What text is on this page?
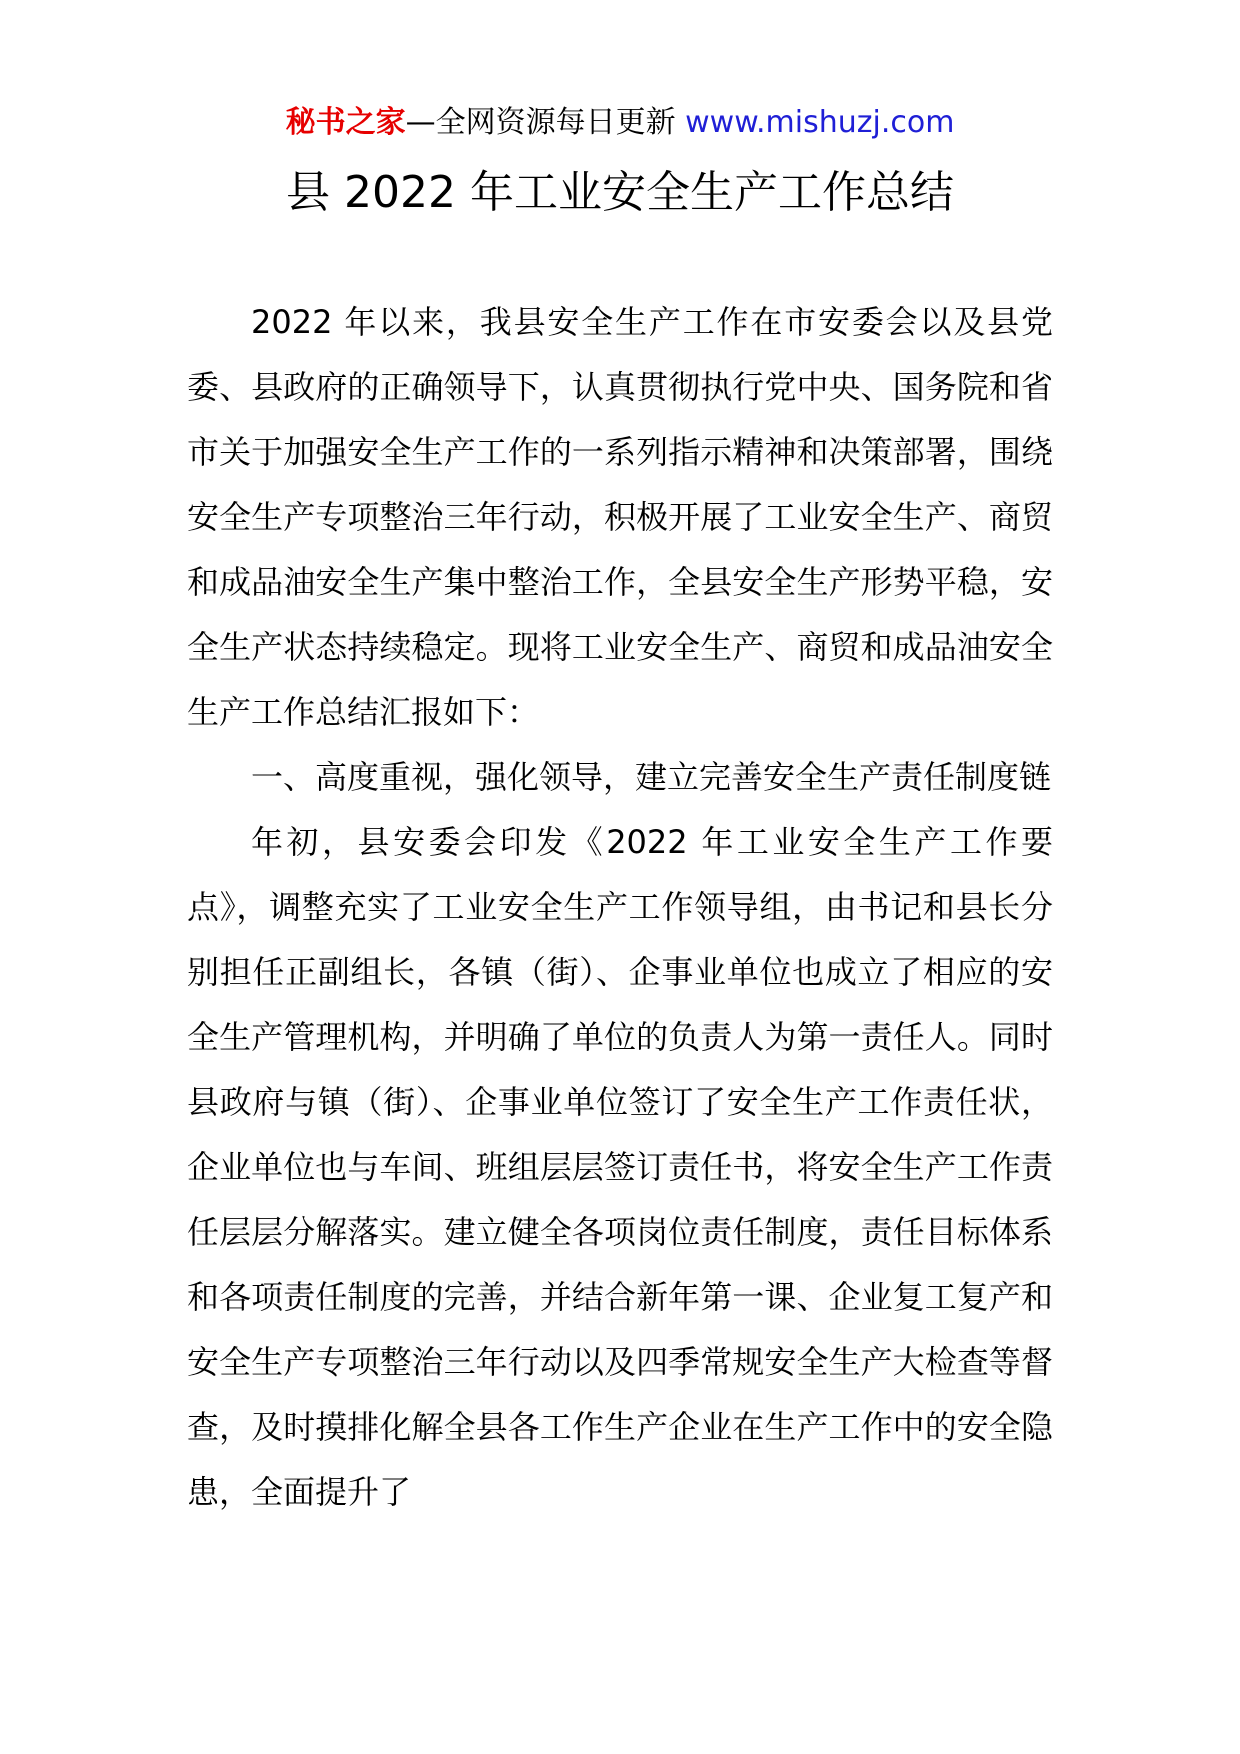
秘书之家—全网资源每日更新 www.mishuzj.com
县 2022 年工业安全生产工作总结

2022 年以来，我县安全生产工作在市安委会以及县党委、县政府的正确领导下，认真贯彻执行党中央、国务院和省市关于加强安全生产工作的一系列指示精神和决策部署，围绕安全生产专项整治三年行动，积极开展了工业安全生产、商贸和成品油安全生产集中整治工作，全县安全生产形势平稳，安全生产状态持续稳定。现将工业安全生产、商贸和成品油安全生产工作总结汇报如下：

一、高度重视，强化领导，建立完善安全生产责任制度链

年初，县安委会印发《2022 年工业安全生产工作要点》，调整充实了工业安全生产工作领导组，由书记和县长分别担任正副组长，各镇（街）、企事业单位也成立了相应的安全生产管理机构，并明确了单位的负责人为第一责任人。同时县政府与镇（街）、企事业单位签订了安全生产工作责任状，企业单位也与车间、班组层层签订责任书，将安全生产工作责任层层分解落实。建立健全各项岗位责任制度，责任目标体系和各项责任制度的完善，并结合新年第一课、企业复工复产和安全生产专项整治三年行动以及四季常规安全生产大检查等督查，及时摸排化解全县各工作生产企业在生产工作中的安全隐患，全面提升了
